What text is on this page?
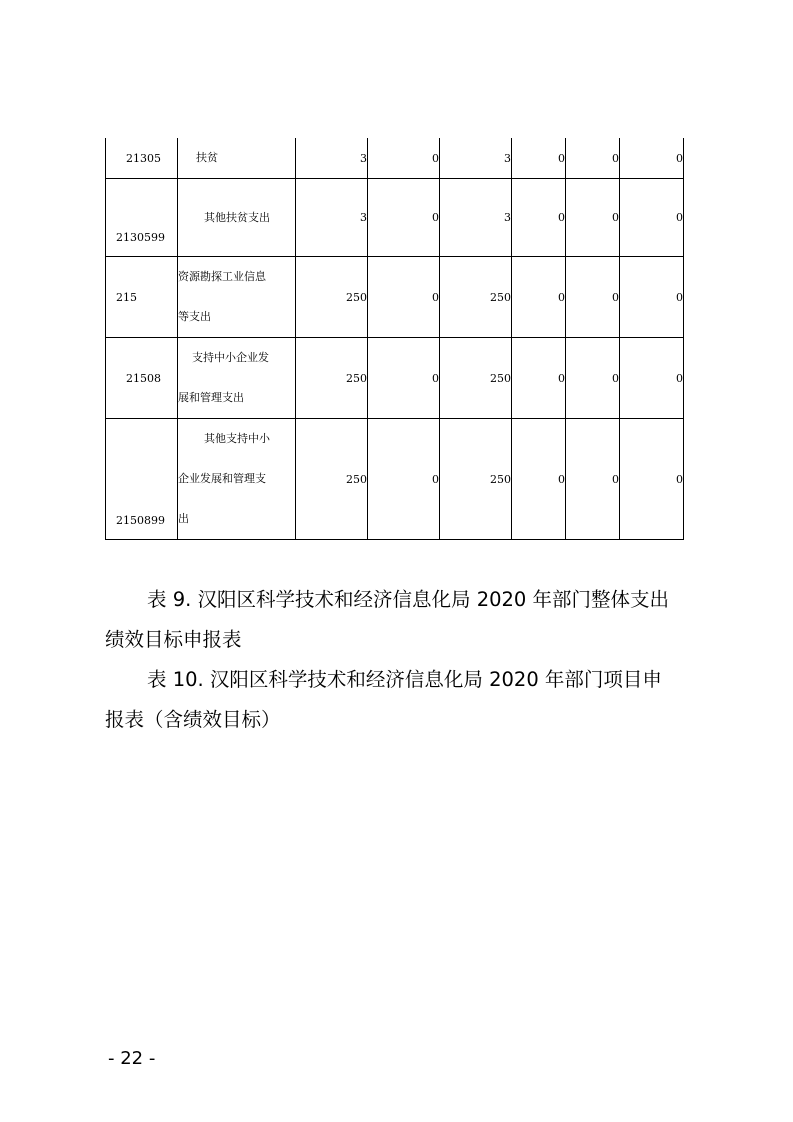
21305	扶贫	3	0	3	0	0	0

2130599	其他扶贫支出	3	0	3	0	0	0

215	资源勘探工业信息
等支出	250	0	250	0	0	0

21508	支持中小企业发
展和管理支出	250	0	250	0	0	0

2150899	其他支持中小
企业发展和管理支
出	250	0	250	0	0	0

表 9. 汉阳区科学技术和经济信息化局 2020 年部门整体支出

绩效目标申报表

表 10. 汉阳区科学技术和经济信息化局 2020 年部门项目申

报表（含绩效目标）

- 22 -
